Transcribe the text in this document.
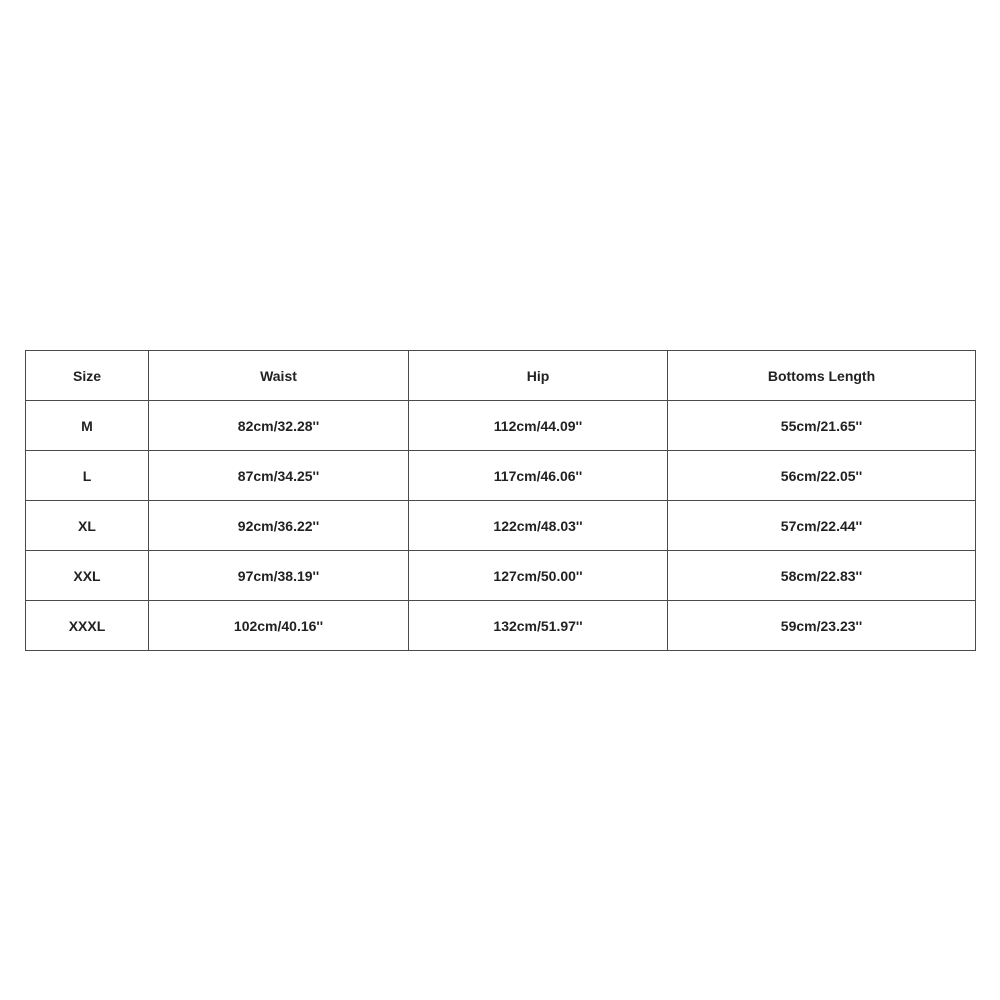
Size	Waist	Hip	Bottoms Length
M	82cm/32.28''	112cm/44.09''	55cm/21.65''
L	87cm/34.25''	117cm/46.06''	56cm/22.05''
XL	92cm/36.22''	122cm/48.03''	57cm/22.44''
XXL	97cm/38.19''	127cm/50.00''	58cm/22.83''
XXXL	102cm/40.16''	132cm/51.97''	59cm/23.23''
